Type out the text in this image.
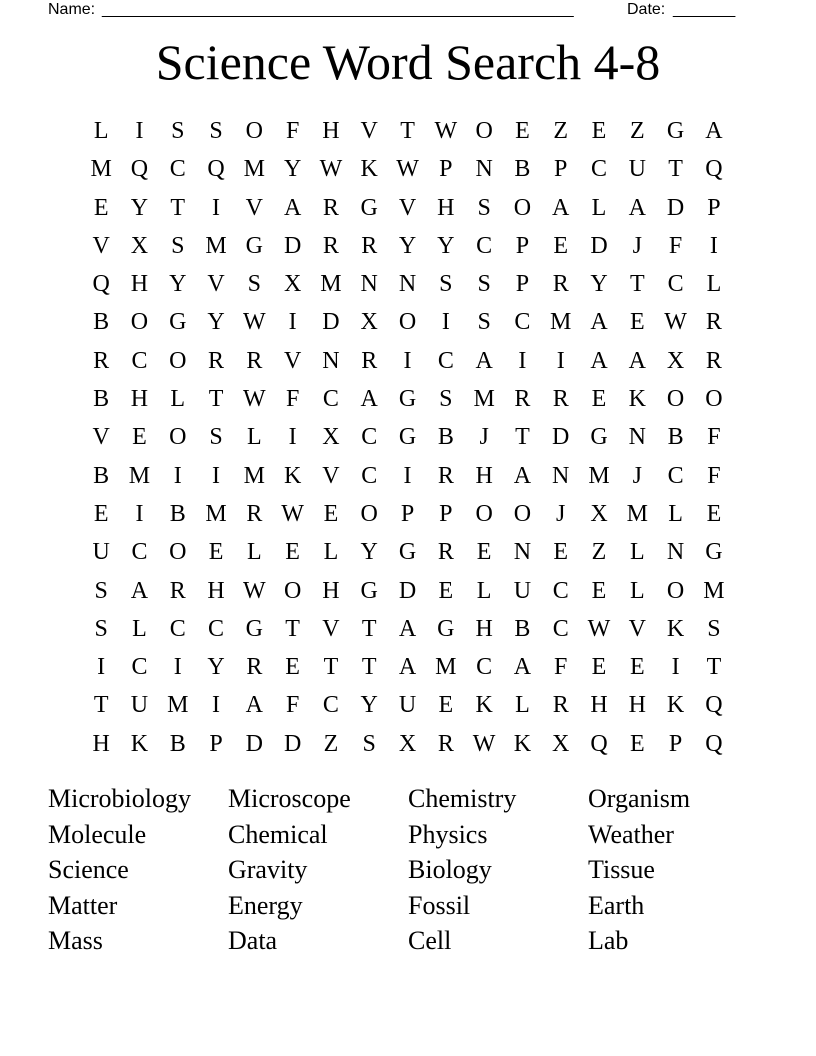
Name: _____________________________________________________	Date: _______
Science Word Search 4-8
L	I	S	S O F H V T W O E Z E Z G A
M Q C Q M Y W K W P N B P C U T Q
E Y T	I	V A R G V H S O A L A D P
V X S M G D R R Y Y C P	E D	J	F	I
Q H Y V S X M N N S	S	P R Y T C L
B O G Y W I	D X O	I	S C M A E W R
R C O R R V N R	I	C A	I	I	A A X R
B H L T W F C A G S M R R E K O O
V E O S	L	I	X C G B	J	T D G N B F
B M I	I M K V C	I	R H A N M J	C F
E	I	B M R W E O P	P O O	J	X M L E
U C O E L E L Y G R E N E Z L N G
S A R H W O H G D E L U C E L O M
S	L C C G T V T A G H B C W V K S
I	C	I	Y R E T T A M C A F	E E	I	T
T U M I	A F C Y U E K L R H H K Q
H K B P D D Z	S X R W K X Q E	P Q
Microbiology	Microscope	Chemistry	Organism
Molecule	Chemical	Physics	Weather
Science	Gravity	Biology	Tissue
Matter	Energy	Fossil	Earth
Mass	Data	Cell	Lab
